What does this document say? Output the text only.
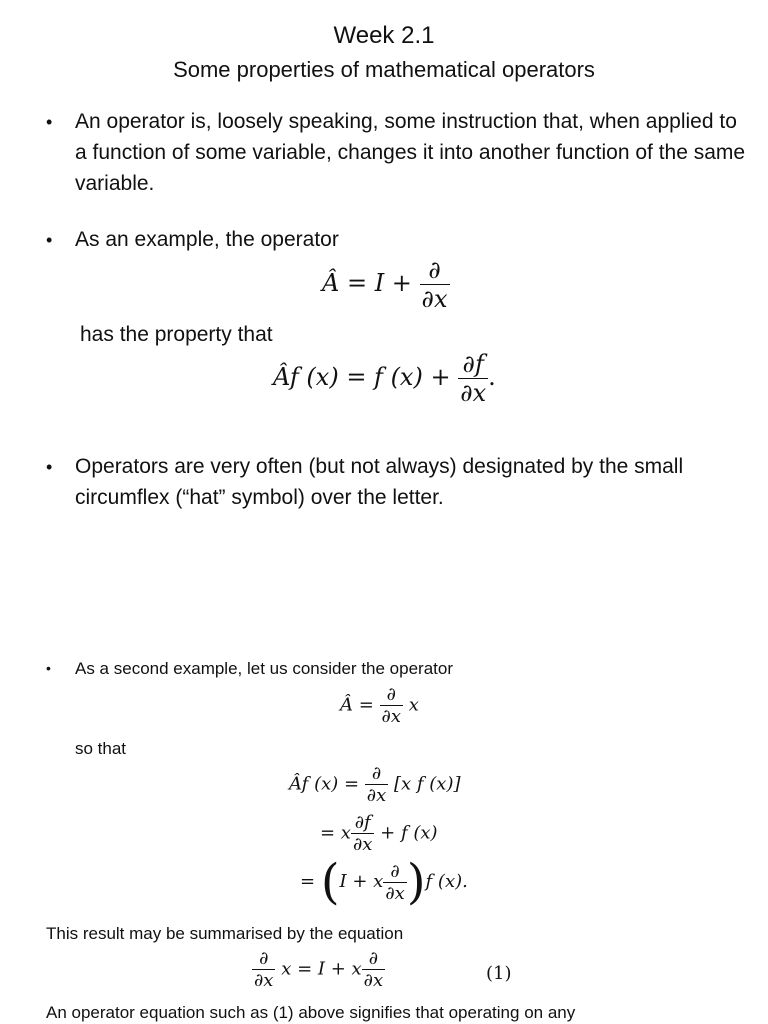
Week 2.1
Some properties of mathematical operators
• An operator is, loosely speaking, some instruction that, when applied to a function of some variable, changes it into another function of the same variable.
• As an example, the operator
Â = $I + \frac{\partial}{\partial x}$
has the property that
Âf (x) = f $(x) + \frac{\partial f}{\partial x}$ .
• Operators are very often (but not always) designated by the small circumflex (“hat” symbol) over the letter.
• As a second example, let us consider the operator
Â = $\frac{\partial}{\partial x}$ x
so that
Âf $(x) = \frac{\partial}{\partial x} [x$ f (x)]
= x $\frac{\partial f}{\partial x} + f$ (x)
= (I + x $\frac{\partial}{\partial x} )f$ (x).
This result may be summarised by the equation
$\frac{\partial}{\partial x}$ x = I + x $\frac{\partial}{\partial x}$	(1)
An operator equation such as (1) above signifies that operating on any
